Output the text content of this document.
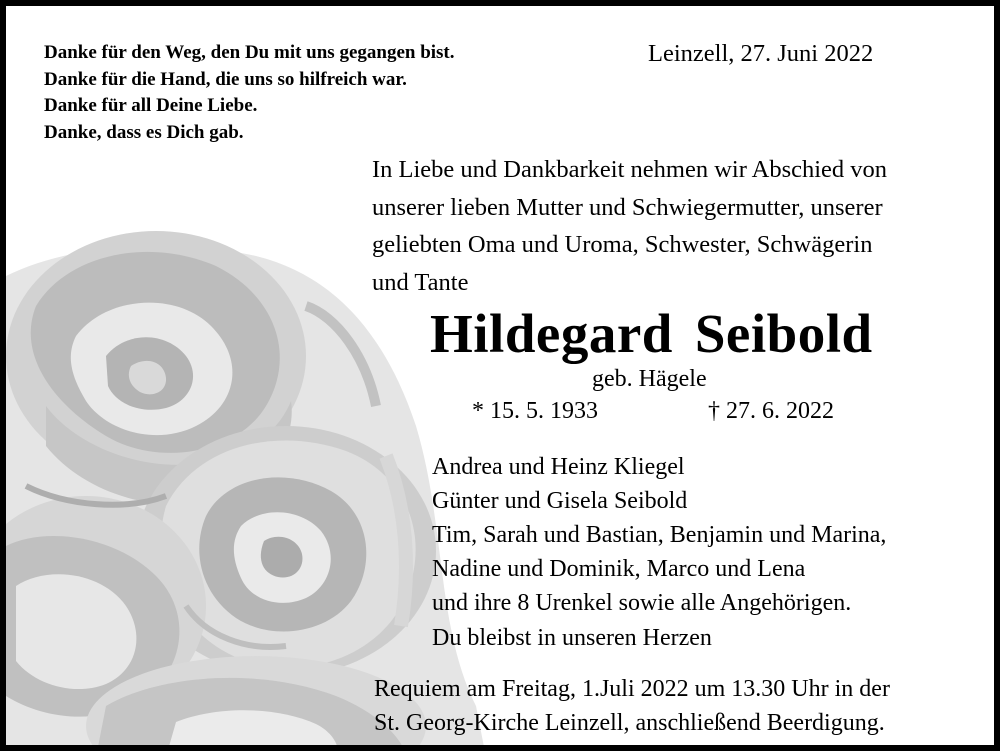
Danke für den Weg, den Du mit uns gegangen bist.
Danke für die Hand, die uns so hilfreich war.
Danke für all Deine Liebe.
Danke, dass es Dich gab.
Leinzell, 27. Juni 2022
In Liebe und Dankbarkeit nehmen wir Abschied von
unserer lieben Mutter und Schwiegermutter, unserer
geliebten Oma und Uroma, Schwester, Schwägerin
und Tante
Hildegard Seibold
geb. Hägele
* 15. 5. 1933	† 27. 6. 2022
Andrea und Heinz Kliegel
Günter und Gisela Seibold
Tim, Sarah und Bastian, Benjamin und Marina,
Nadine und Dominik, Marco und Lena
und ihre 8 Urenkel sowie alle Angehörigen.
Du bleibst in unseren Herzen
Requiem am Freitag, 1.Juli 2022 um 13.30 Uhr in der
St. Georg-Kirche Leinzell, anschließend Beerdigung.
